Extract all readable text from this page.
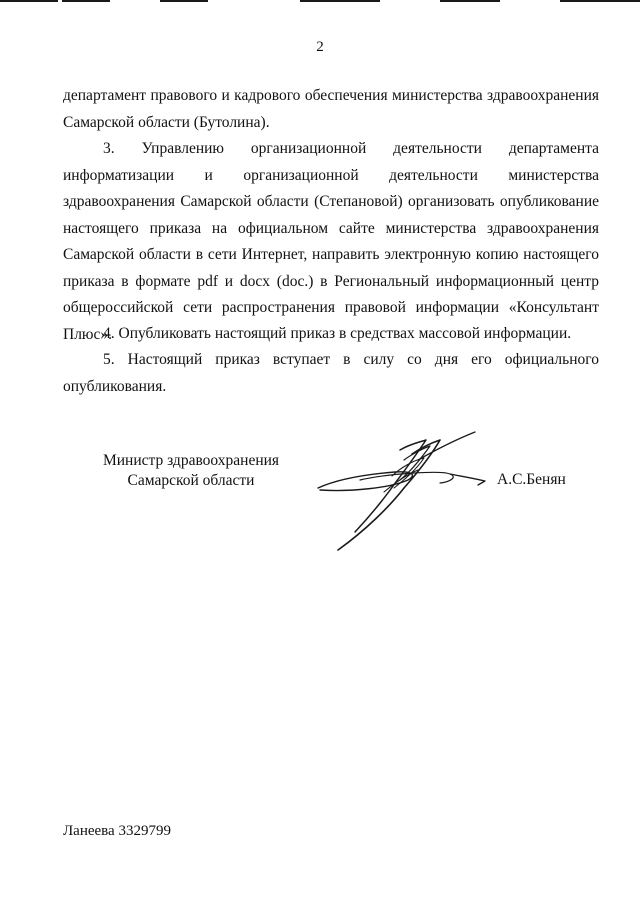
2

департамент правового и кадрового обеспечения министерства здравоохранения Самарской области (Бутолина).

3. Управлению организационной деятельности департамента информатизации и организационной деятельности министерства здравоохранения Самарской области (Степановой) организовать опубликование настоящего приказа на официальном сайте министерства здравоохранения Самарской области в сети Интернет, направить электронную копию настоящего приказа в формате pdf и docx (doc.) в Региональный информационный центр общероссийской сети распространения правовой информации «Консультант Плюс».

4. Опубликовать настоящий приказ в средствах массовой информации.

5. Настоящий приказ вступает в силу со дня его официального опубликования.

Министр здравоохранения
Самарской области	А.С.Бенян
Ланеева 3329799
